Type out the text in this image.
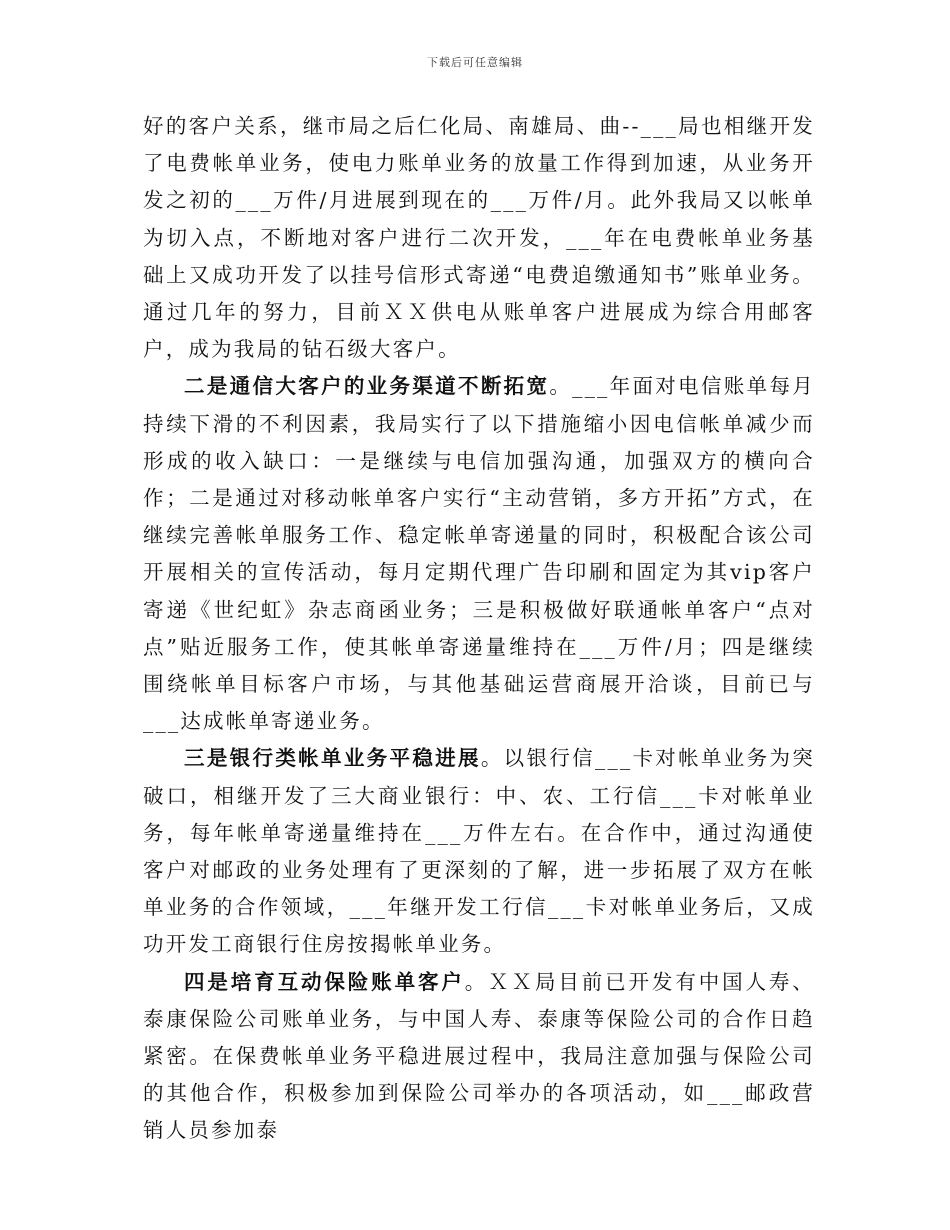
下载后可任意编辑

好的客户关系，继市局之后仁化局、南雄局、曲--___局也相继开发了电费帐单业务，使电力账单业务的放量工作得到加速，从业务开发之初的___万件/月进展到现在的___万件/月。此外我局又以帐单为切入点，不断地对客户进行二次开发，___年在电费帐单业务基础上又成功开发了以挂号信形式寄递“电费追缴通知书”账单业务。通过几年的努力，目前ＸＸ供电从账单客户进展成为综合用邮客户，成为我局的钻石级大客户。

二是通信大客户的业务渠道不断拓宽。___年面对电信账单每月持续下滑的不利因素，我局实行了以下措施缩小因电信帐单减少而形成的收入缺口：一是继续与电信加强沟通，加强双方的横向合作；二是通过对移动帐单客户实行“主动营销，多方开拓”方式，在继续完善帐单服务工作、稳定帐单寄递量的同时，积极配合该公司开展相关的宣传活动，每月定期代理广告印刷和固定为其vip客户寄递《世纪虹》杂志商函业务；三是积极做好联通帐单客户“点对点”贴近服务工作，使其帐单寄递量维持在___万件/月；四是继续围绕帐单目标客户市场，与其他基础运营商展开洽谈，目前已与___达成帐单寄递业务。

三是银行类帐单业务平稳进展。以银行信___卡对帐单业务为突破口，相继开发了三大商业银行：中、农、工行信___卡对帐单业务，每年帐单寄递量维持在___万件左右。在合作中，通过沟通使客户对邮政的业务处理有了更深刻的了解，进一步拓展了双方在帐单业务的合作领域，___年继开发工行信___卡对帐单业务后，又成功开发工商银行住房按揭帐单业务。

四是培育互动保险账单客户。ＸＸ局目前已开发有中国人寿、泰康保险公司账单业务，与中国人寿、泰康等保险公司的合作日趋紧密。在保费帐单业务平稳进展过程中，我局注意加强与保险公司的其他合作，积极参加到保险公司举办的各项活动，如___邮政营销人员参加泰
